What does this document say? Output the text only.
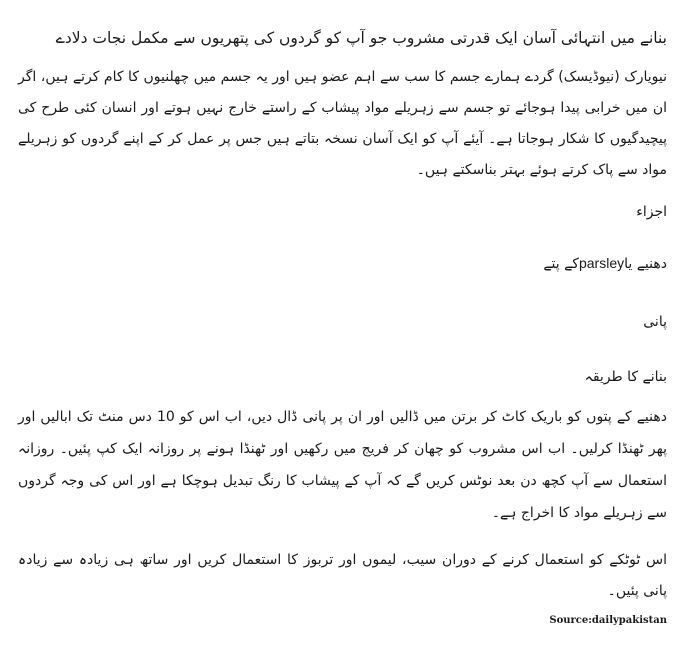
بنانے میں انتہائی آسان ایک قدرتی مشروب جو آپ کو گردوں کی پتھریوں سے مکمل نجات دلادے
نیویارک (نیوڈیسک) گردے ہمارے جسم کا سب سے اہم عضو ہیں اور یہ جسم میں چھلنیوں کا کام کرتے ہیں، اگر ان میں خرابی پیدا ہوجائے تو جسم سے زہریلے مواد پیشاب کے راستے خارج نہیں ہوتے اور انسان کئی طرح کی پیچیدگیوں کا شکار ہوجاتا ہے۔ آیئے آپ کو ایک آسان نسخہ بتاتے ہیں جس پر عمل کر کے اپنے گردوں کو زہریلے مواد سے پاک کرتے ہوئے بہتر بناسکتے ہیں۔
اجزاء
دھنیے یاparsleyکے پتے
پانی
بنانے کا طریقہ
دھنیے کے پتوں کو باریک کاٹ کر برتن میں ڈالیں اور ان پر پانی ڈال دیں، اب اس کو 10 دس منٹ تک ابالیں اور پھر ٹھنڈا کرلیں۔ اب اس مشروب کو چھان کر فریج میں رکھیں اور ٹھنڈا ہونے پر روزانہ ایک کپ پئیں۔ روزانہ استعمال سے آپ کچھ دن بعد نوٹس کریں گے کہ آپ کے پیشاب کا رنگ تبدیل ہوچکا ہے اور اس کی وجہ گردوں سے زہریلے مواد کا اخراج ہے۔
اس ٹوٹکے کو استعمال کرنے کے دوران سیب، لیموں اور تربوز کا استعمال کریں اور ساتھ ہی زیادہ سے زیادہ پانی پئیں۔
Source:dailypakistan
